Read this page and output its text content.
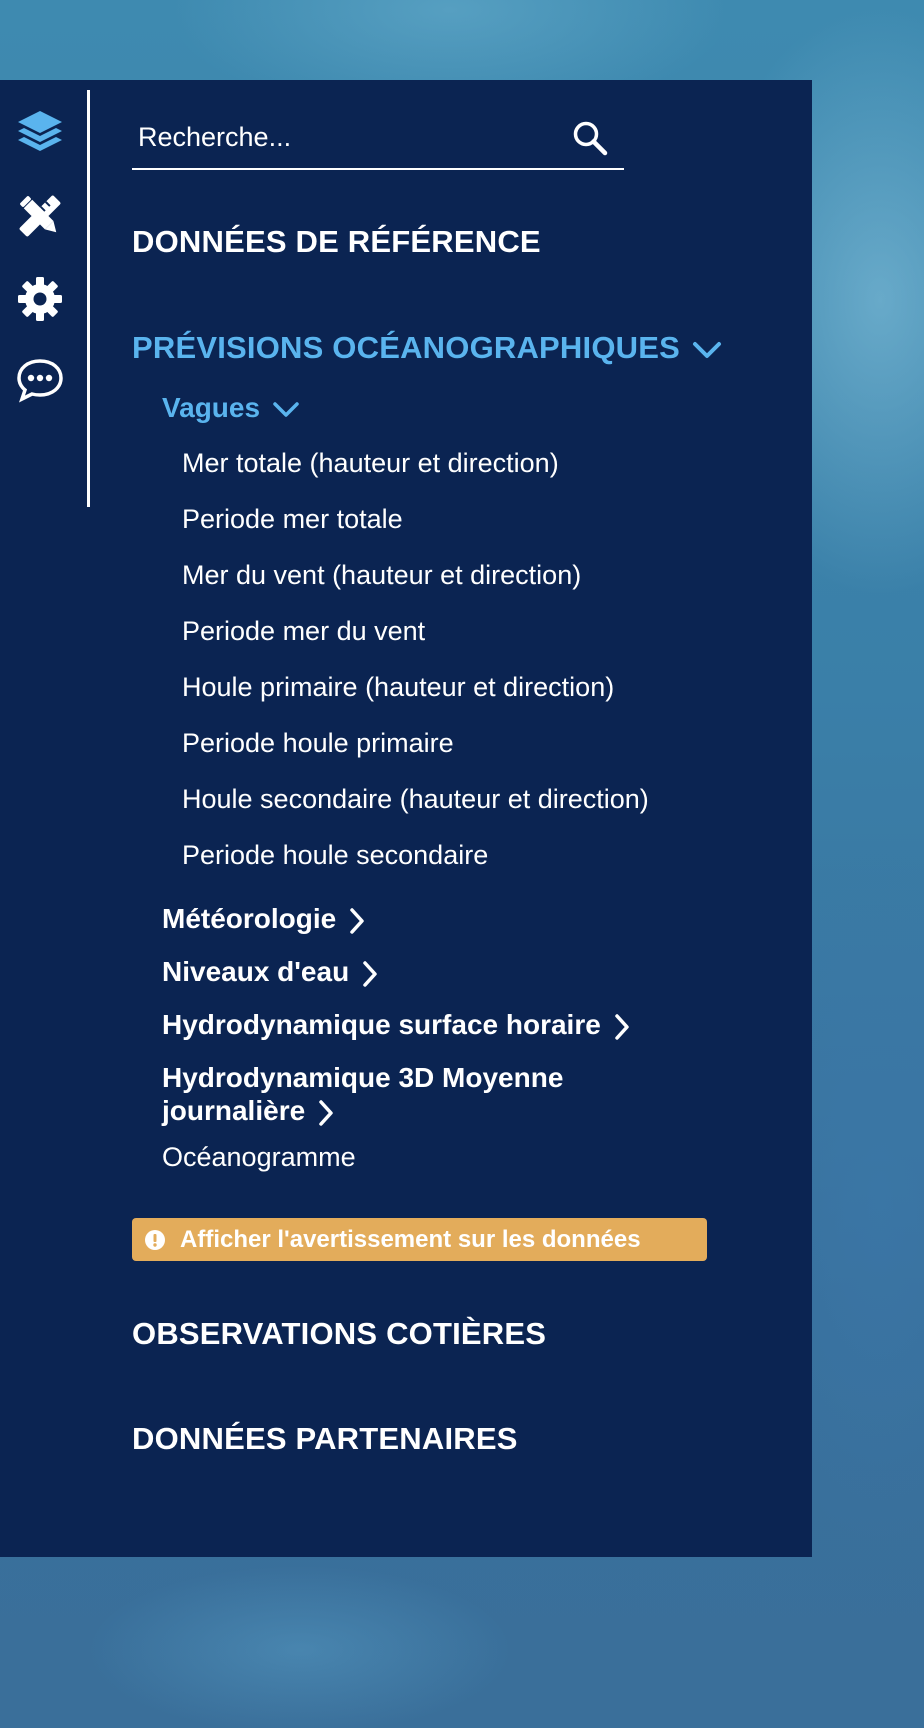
Recherche...
DONNÉES DE RÉFÉRENCE
PRÉVISIONS OCÉANOGRAPHIQUES
Vagues
Mer totale (hauteur et direction)
Periode mer totale
Mer du vent (hauteur et direction)
Periode mer du vent
Houle primaire (hauteur et direction)
Periode houle primaire
Houle secondaire (hauteur et direction)
Periode houle secondaire
Météorologie
Niveaux d'eau
Hydrodynamique surface horaire
Hydrodynamique 3D Moyenne
journalière
Océanogramme
Afficher l'avertissement sur les données
OBSERVATIONS COTIÈRES
DONNÉES PARTENAIRES
